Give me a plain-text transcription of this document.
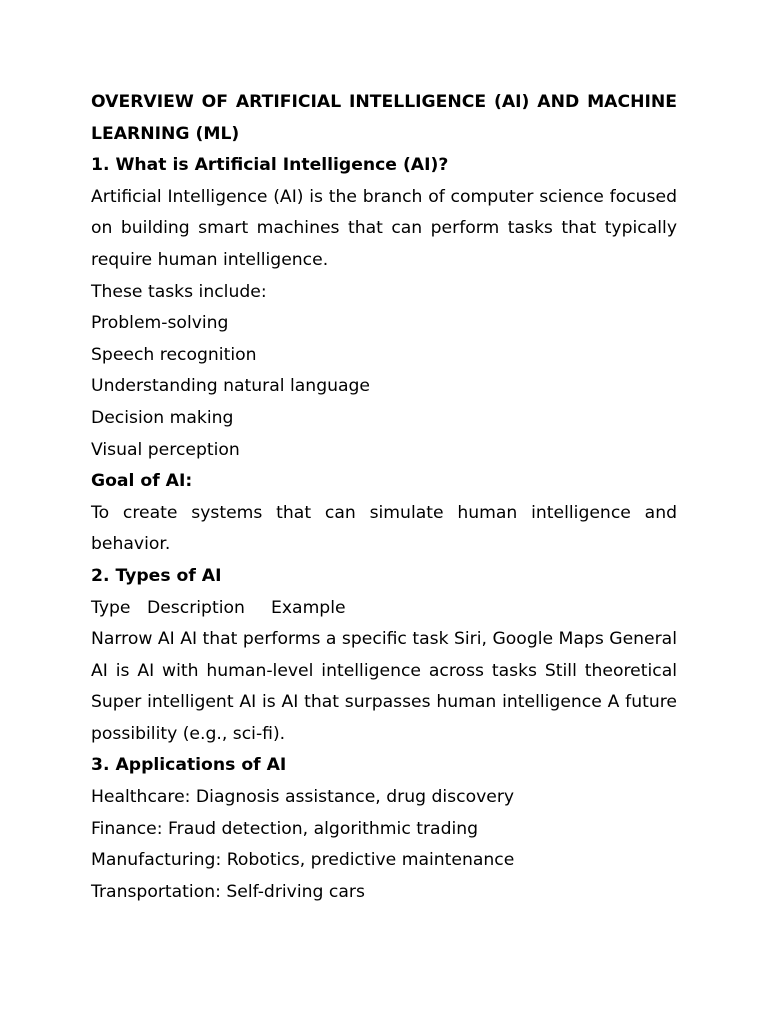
OVERVIEW OF ARTIFICIAL INTELLIGENCE (AI) AND MACHINE LEARNING (ML)

1. What is Artificial Intelligence (AI)?

Artificial Intelligence (AI) is the branch of computer science focused on building smart machines that can perform tasks that typically require human intelligence.

These tasks include:

Problem-solving

Speech recognition

Understanding natural language

Decision making

Visual perception

Goal of AI:

To create systems that can simulate human intelligence and behavior.

2. Types of AI

Type Description	Example

Narrow AI AI that performs a specific task Siri, Google Maps General AI is AI with human-level intelligence across tasks Still theoretical Super intelligent AI is AI that surpasses human intelligence A future possibility (e.g., sci-fi).

3. Applications of AI

Healthcare: Diagnosis assistance, drug discovery

Finance: Fraud detection, algorithmic trading

Manufacturing: Robotics, predictive maintenance

Transportation: Self-driving cars
